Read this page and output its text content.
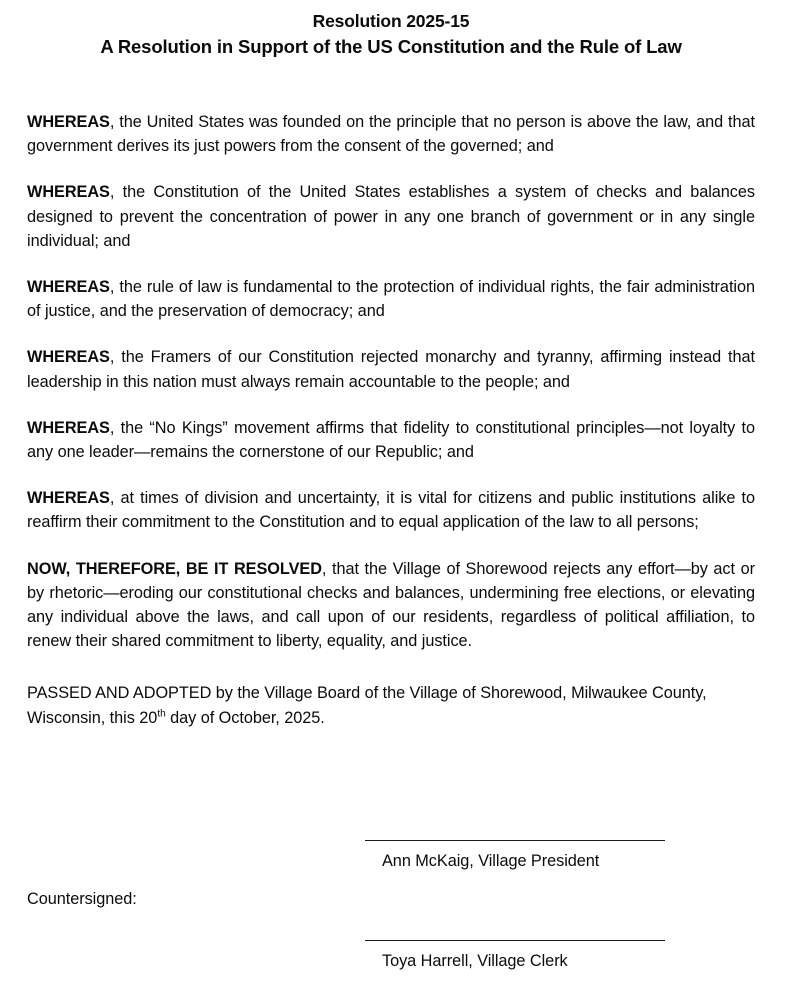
Resolution 2025-15
A Resolution in Support of the US Constitution and the Rule of Law

WHEREAS, the United States was founded on the principle that no person is above the law, and that government derives its just powers from the consent of the governed; and

WHEREAS, the Constitution of the United States establishes a system of checks and balances designed to prevent the concentration of power in any one branch of government or in any single individual; and

WHEREAS, the rule of law is fundamental to the protection of individual rights, the fair administration of justice, and the preservation of democracy; and

WHEREAS, the Framers of our Constitution rejected monarchy and tyranny, affirming instead that leadership in this nation must always remain accountable to the people; and

WHEREAS, the “No Kings” movement affirms that fidelity to constitutional principles—not loyalty to any one leader—remains the cornerstone of our Republic; and

WHEREAS, at times of division and uncertainty, it is vital for citizens and public institutions alike to reaffirm their commitment to the Constitution and to equal application of the law to all persons;

NOW, THEREFORE, BE IT RESOLVED, that the Village of Shorewood rejects any effort—by act or by rhetoric—eroding our constitutional checks and balances, undermining free elections, or elevating any individual above the laws, and call upon of our residents, regardless of political affiliation, to renew their shared commitment to liberty, equality, and justice.

PASSED AND ADOPTED by the Village Board of the Village of Shorewood, Milwaukee County, Wisconsin, this 20th day of October, 2025.

Countersigned:
Ann McKaig, Village President
Toya Harrell, Village Clerk
